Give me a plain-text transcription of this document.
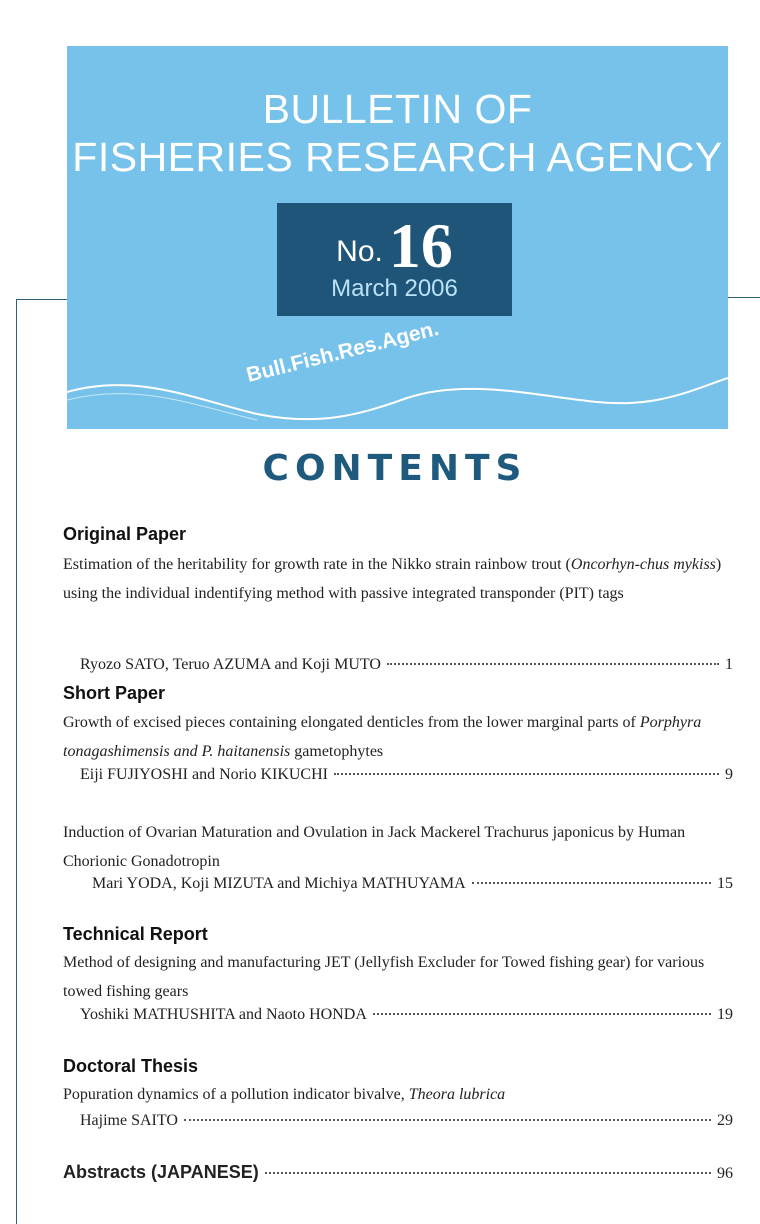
BULLETIN OF
FISHERIES RESEARCH AGENCY
No.16
March 2006
Bull.Fish.Res.Agen.
CONTENTS
Original Paper
Estimation of the heritability for growth rate in the Nikko strain rainbow trout (Oncorhyn-chus mykiss) using the individual indentifying method with passive integrated transponder (PIT) tags
Ryozo SATO, Teruo AZUMA and Koji MUTO	1
Short Paper
Growth of excised pieces containing elongated denticles from the lower marginal parts of Porphyra tonagashimensis and P. haitanensis gametophytes
Eiji FUJIYOSHI and Norio KIKUCHI	9
Induction of Ovarian Maturation and Ovulation in Jack Mackerel Trachurus japonicus by Human Chorionic Gonadotropin
Mari YODA, Koji MIZUTA and Michiya MATHUYAMA	15
Technical Report
Method of designing and manufacturing JET (Jellyfish Excluder for Towed fishing gear) for various towed fishing gears
Yoshiki MATHUSHITA and Naoto HONDA	19
Doctoral Thesis
Popuration dynamics of a pollution indicator bivalve, Theora lubrica
Hajime SAITO	29
Abstracts (JAPANESE)	96
